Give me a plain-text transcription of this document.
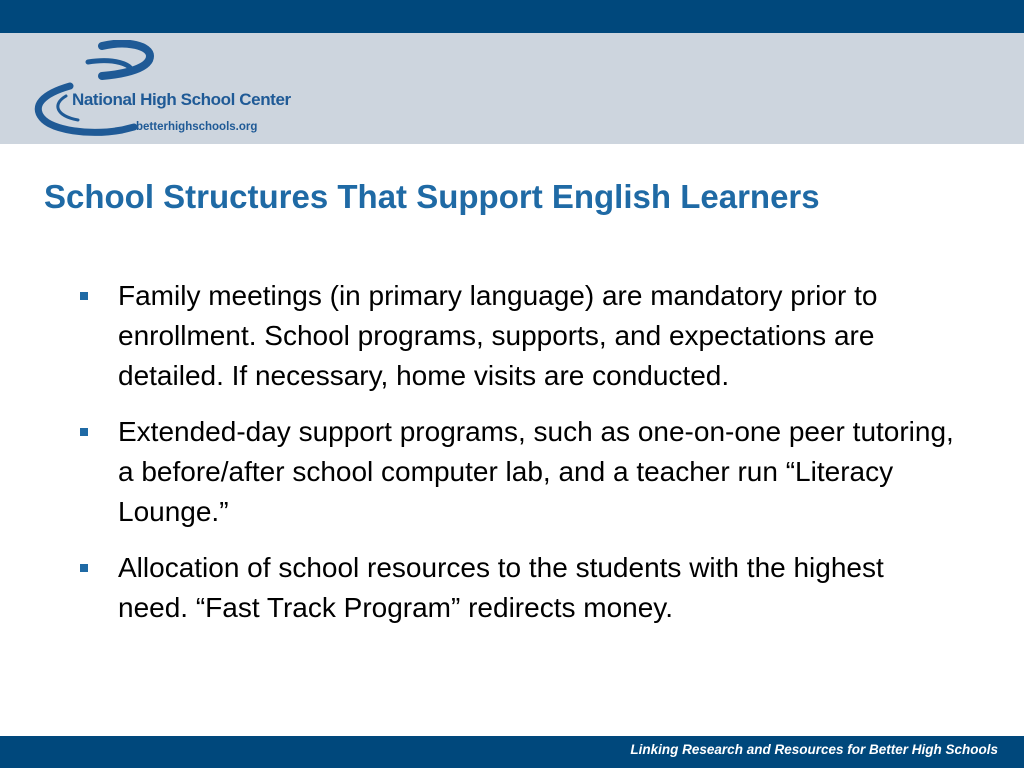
National High School Center
betterhighschools.org
School Structures That Support English Learners
Family meetings (in primary language) are mandatory prior to enrollment. School programs, supports, and expectations are detailed. If necessary, home visits are conducted.
Extended-day support programs, such as one-on-one peer tutoring, a before/after school computer lab, and a teacher run “Literacy Lounge.”
Allocation of school resources to the students with the highest need. “Fast Track Program” redirects money.
Linking Research and Resources for Better High Schools
